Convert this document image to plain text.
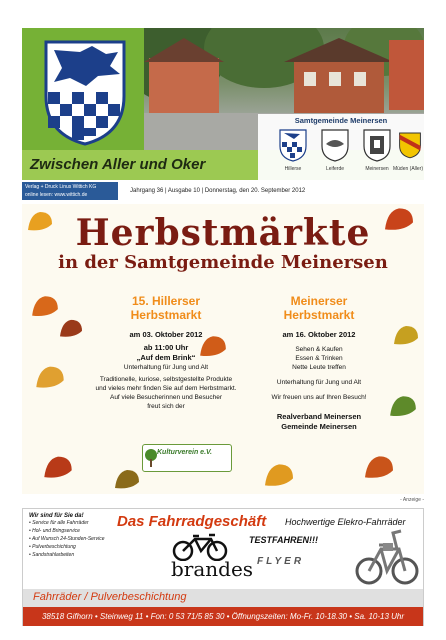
Zwischen Aller und Oker
Samtgemeinde Meinersen
Hillerse	Leiferde	Meinersen Müden (Aller)
Verlag + Druck Linus Wittich KG
online lesen: www.wittich.de
Jahrgang 36 | Ausgabe 10 | Donnerstag, den 20. September 2012
Herbstmärkte
in der Samtgemeinde Meinersen
15. Hillerser
Herbstmarkt
am 03. Oktober 2012
ab 11:00 Uhr
„Auf dem Brink“
Unterhaltung für Jung und Alt
Traditionelle, kuriose, selbstgestellte Produkte
und vieles mehr finden Sie auf dem Herbstmarkt.
Auf viele Besucherinnen und Besucher
freut sich der
Kulturverein e.V.
Meinerser
Herbstmarkt
am 16. Oktober 2012
Sehen & Kaufen
Essen & Trinken
Nette Leute treffen
Unterhaltung für Jung und Alt
Wir freuen uns auf Ihren Besuch!
Realverband Meinersen
Gemeinde Meinersen
- Anzeige -
Wir sind für Sie da!
• Service für alle Fahrräder
• Hol- und Bringservice
• Auf Wunsch 24-Stunden-Service
• Pulverbeschichtung
• Sandstrahlarbeiten
Das Fahrradgeschäft
brandes
Hochwertige Elekro-Fahrräder
TESTFAHREN!!!
FLYER
Fahrräder / Pulverbeschichtung
38518 Gifhorn • Steinweg 11 • Fon: 0 53 71/5 85 30 • Öffnungszeiten: Mo-Fr. 10-18.30 • Sa. 10-13 Uhr
